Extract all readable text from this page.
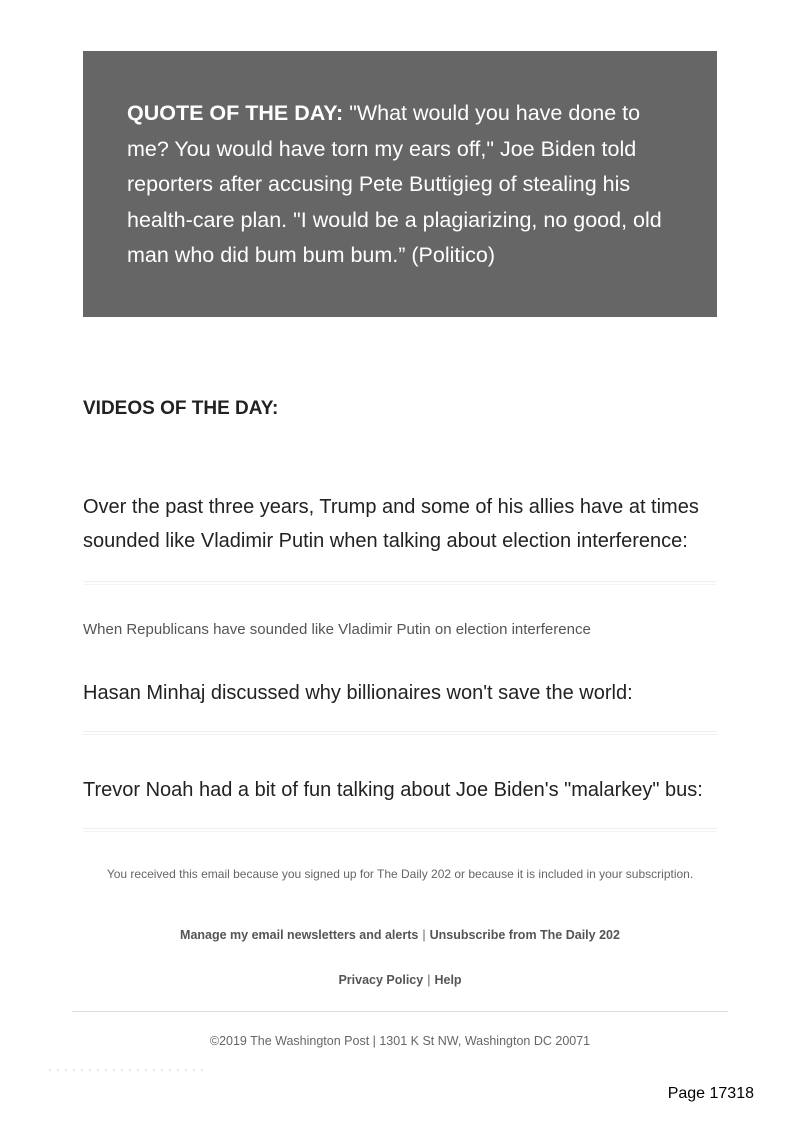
QUOTE OF THE DAY: "What would you have done to me? You would have torn my ears off," Joe Biden told reporters after accusing Pete Buttigieg of stealing his health-care plan. "I would be a plagiarizing, no good, old man who did bum bum bum.” (Politico)

VIDEOS OF THE DAY:

Over the past three years, Trump and some of his allies have at times sounded like Vladimir Putin when talking about election interference:

When Republicans have sounded like Vladimir Putin on election interference

Hasan Minhaj discussed why billionaires won't save the world:

Trevor Noah had a bit of fun talking about Joe Biden's "malarkey" bus:

You received this email because you signed up for The Daily 202 or because it is included in your subscription.

Manage my email newsletters and alerts | Unsubscribe from The Daily 202

Privacy Policy | Help

©2019 The Washington Post | 1301 K St NW, Washington DC 20071

Page 17318
